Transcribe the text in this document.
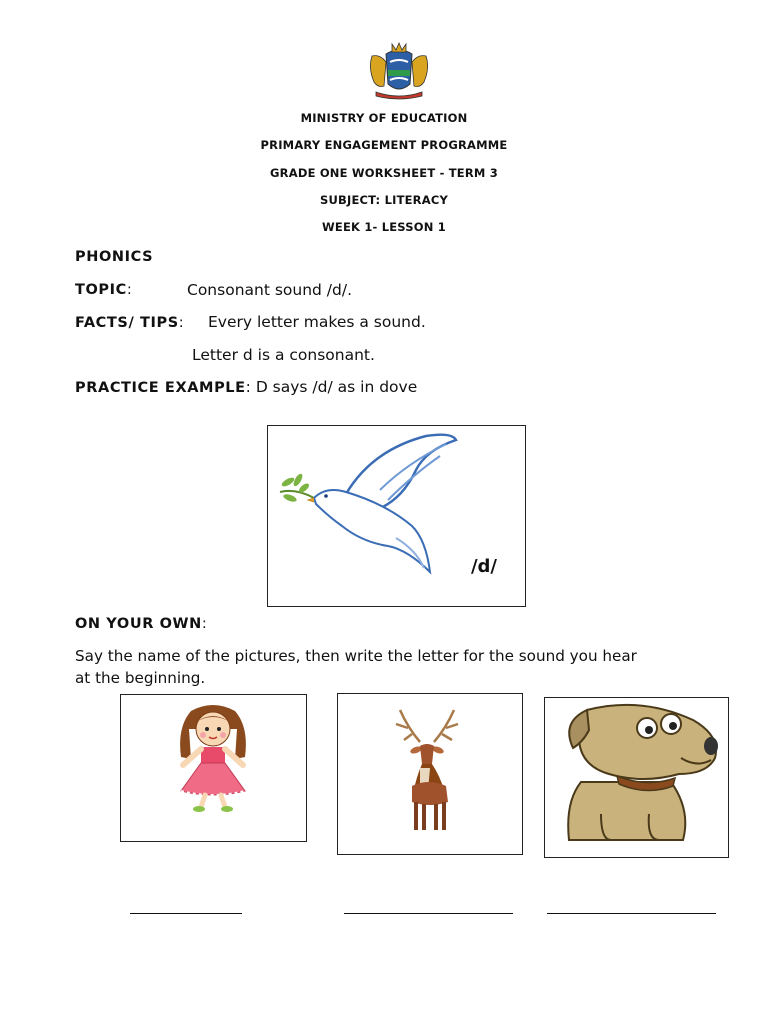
MINISTRY OF EDUCATION
PRIMARY ENGAGEMENT PROGRAMME
GRADE ONE WORKSHEET - TERM 3
SUBJECT: LITERACY
WEEK 1- LESSON 1
PHONICS
TOPIC:	Consonant sound /d/.
FACTS/ TIPS: Every letter makes a sound.
Letter d is a consonant.
PRACTICE EXAMPLE: D says /d/ as in dove
/d/
ON YOUR OWN:
Say the name of the pictures, then write the letter for the sound you hear
at the beginning.
